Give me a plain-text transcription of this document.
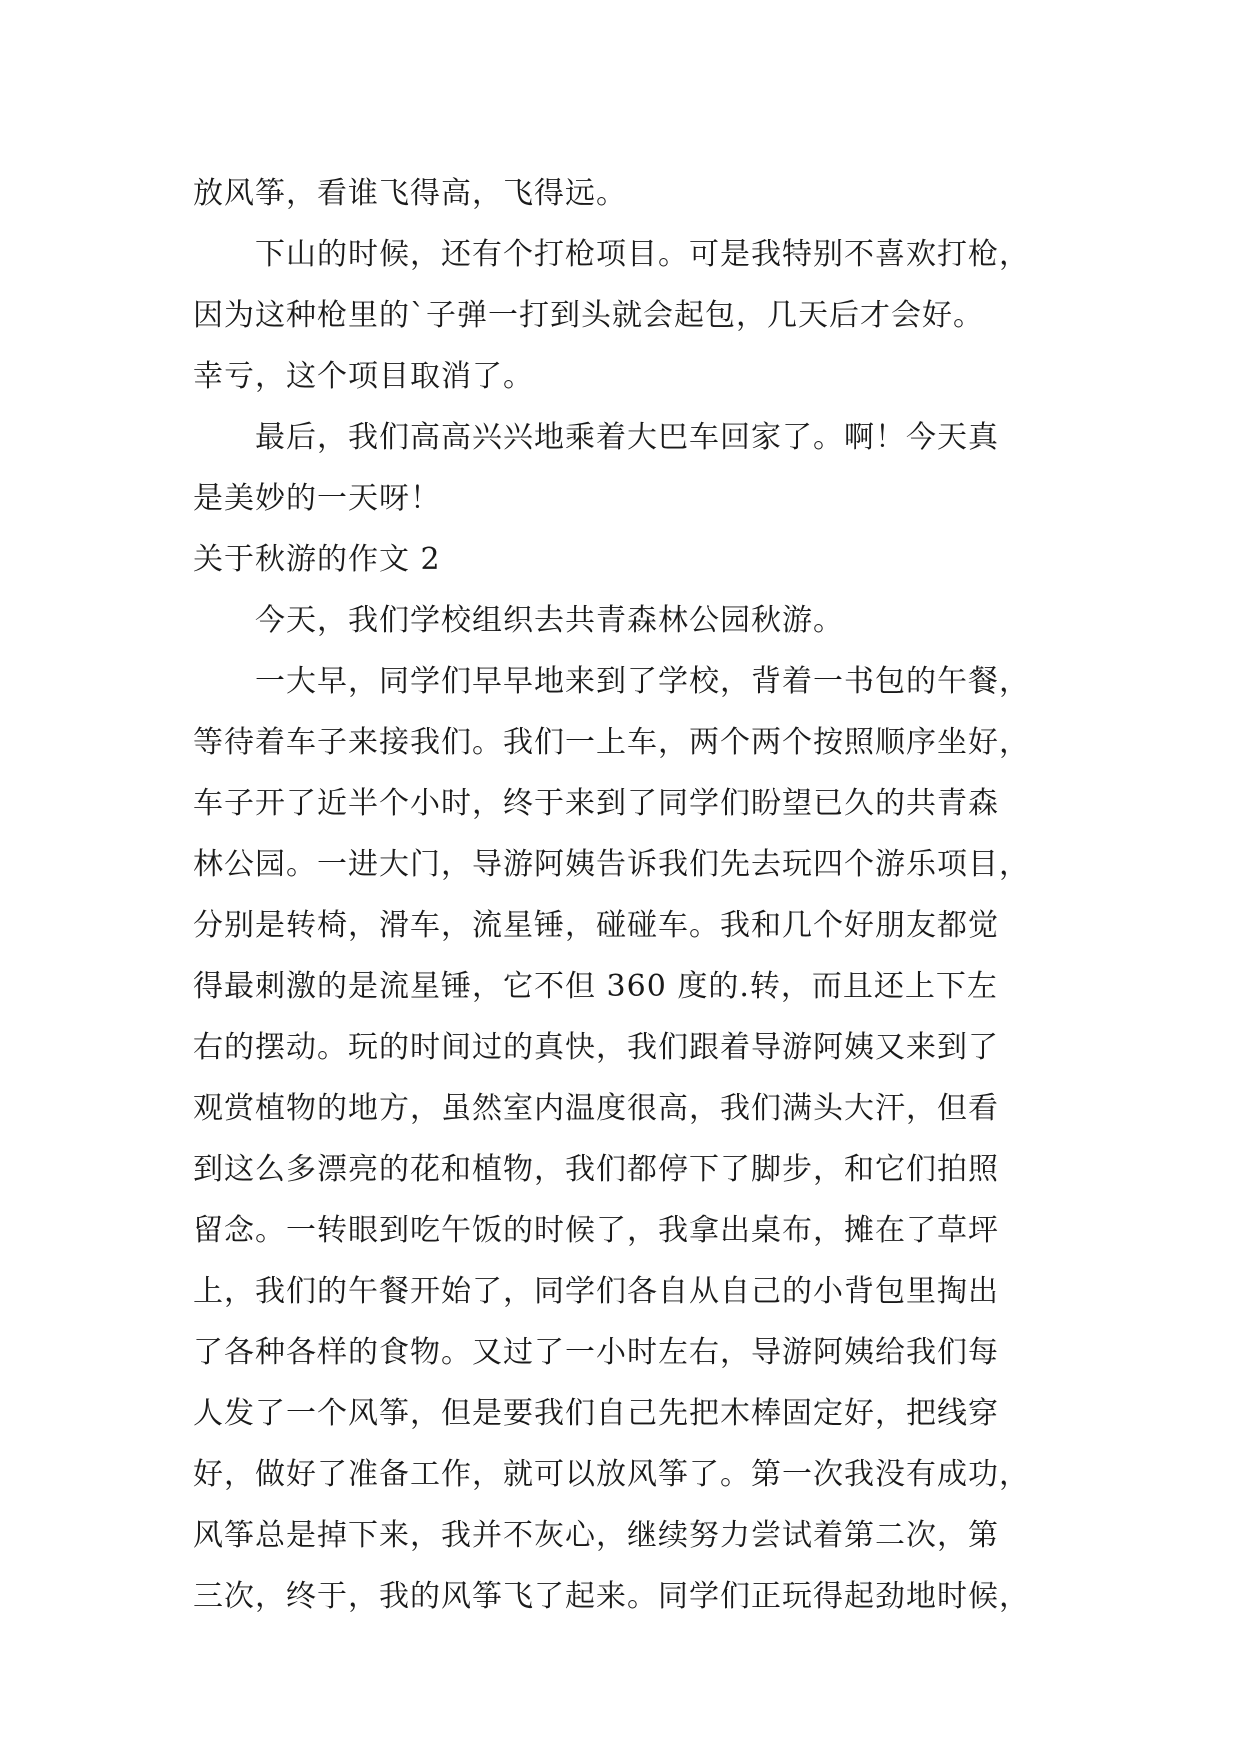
放风筝，看谁飞得高，飞得远。
　　下山的时候，还有个打枪项目。可是我特别不喜欢打枪，
因为这种枪里的`子弹一打到头就会起包，几天后才会好。
幸亏，这个项目取消了。
　　最后，我们高高兴兴地乘着大巴车回家了。啊！今天真
是美妙的一天呀！
关于秋游的作文 2
　　今天，我们学校组织去共青森林公园秋游。
　　一大早，同学们早早地来到了学校，背着一书包的午餐，
等待着车子来接我们。我们一上车，两个两个按照顺序坐好，
车子开了近半个小时，终于来到了同学们盼望已久的共青森
林公园。一进大门，导游阿姨告诉我们先去玩四个游乐项目，
分别是转椅，滑车，流星锤，碰碰车。我和几个好朋友都觉
得最刺激的是流星锤，它不但 360 度的.转，而且还上下左
右的摆动。玩的时间过的真快，我们跟着导游阿姨又来到了
观赏植物的地方，虽然室内温度很高，我们满头大汗，但看
到这么多漂亮的花和植物，我们都停下了脚步，和它们拍照
留念。一转眼到吃午饭的时候了，我拿出桌布，摊在了草坪
上，我们的午餐开始了，同学们各自从自己的小背包里掏出
了各种各样的食物。又过了一小时左右，导游阿姨给我们每
人发了一个风筝，但是要我们自己先把木棒固定好，把线穿
好，做好了准备工作，就可以放风筝了。第一次我没有成功，
风筝总是掉下来，我并不灰心，继续努力尝试着第二次，第
三次，终于，我的风筝飞了起来。同学们正玩得起劲地时候，
